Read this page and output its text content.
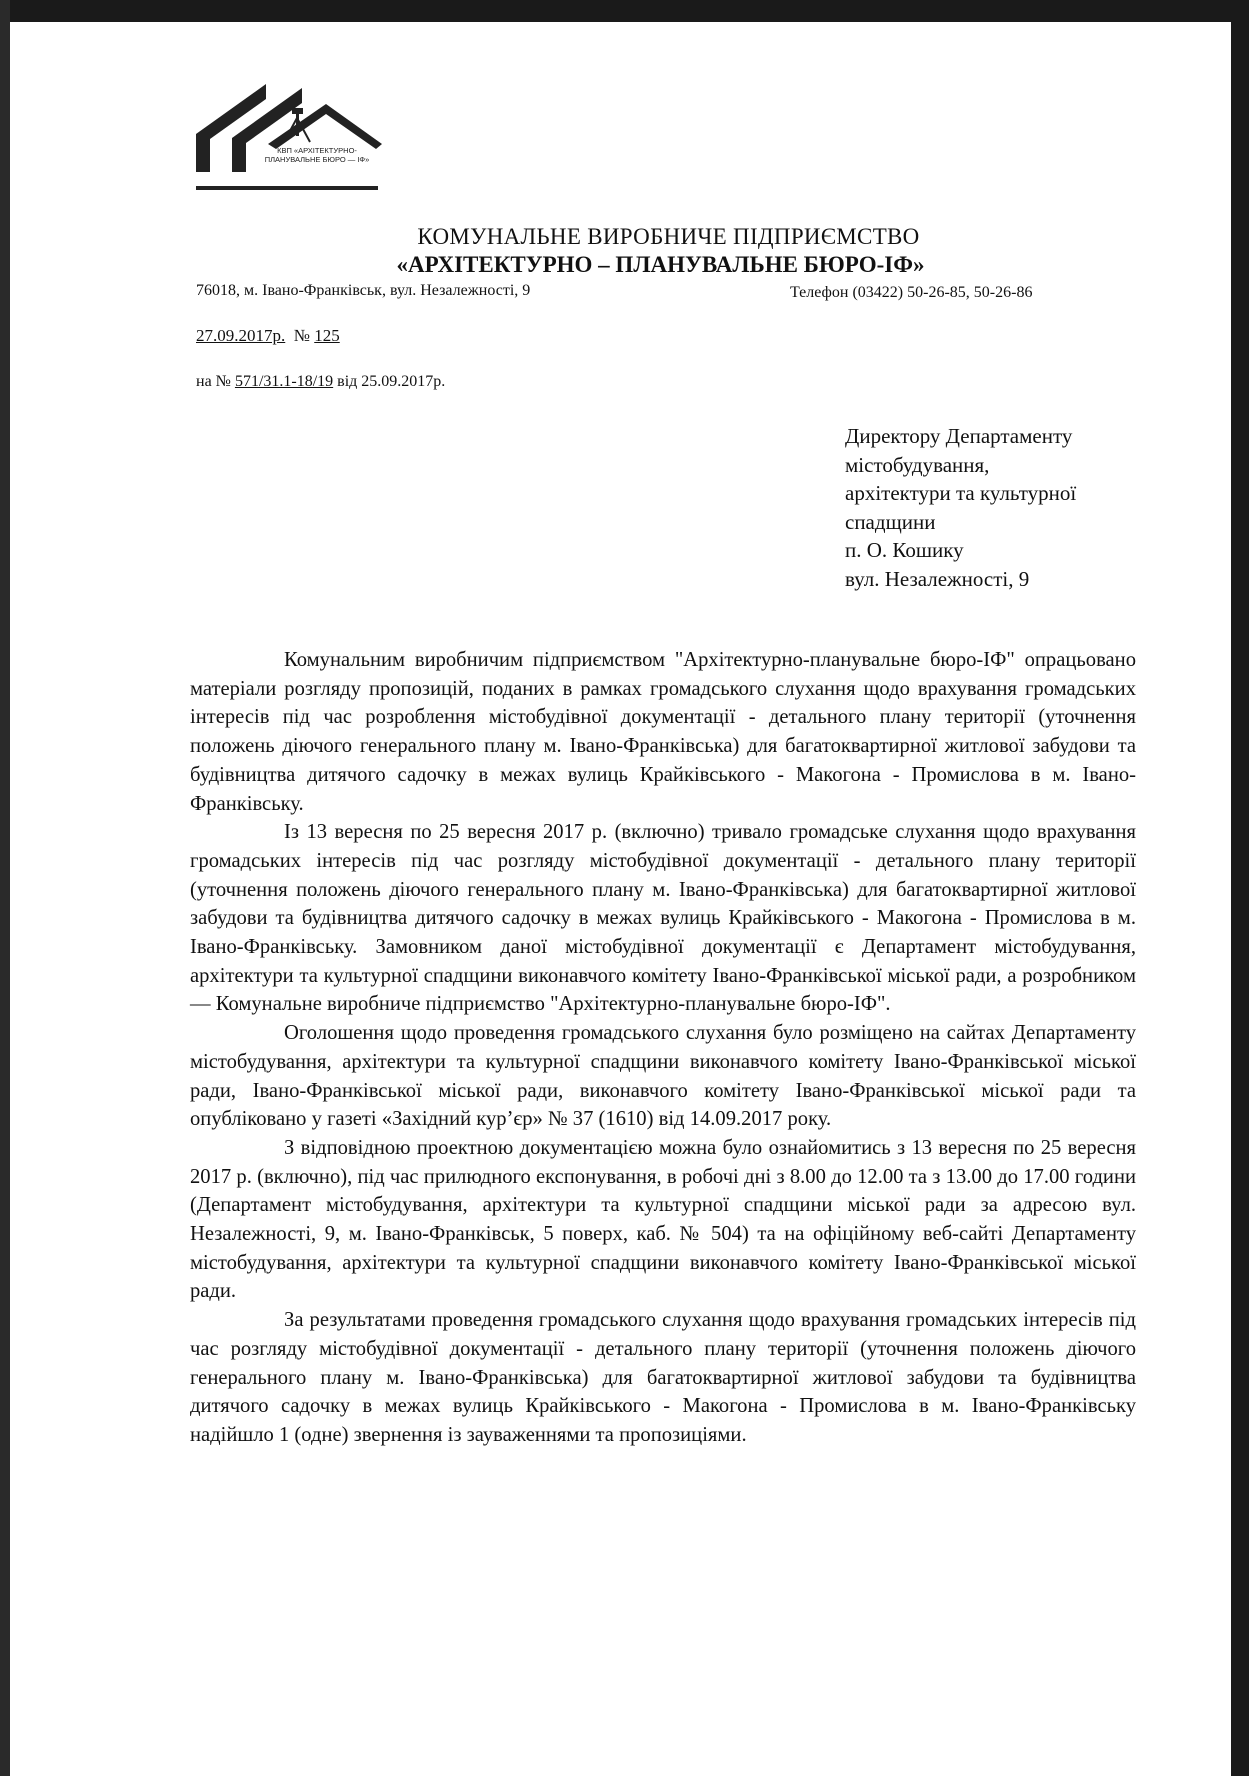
КВП «АРХІТЕКТУРНО-ПЛАНУВАЛЬНЕ БЮРО — ІФ»
КОМУНАЛЬНЕ ВИРОБНИЧЕ ПІДПРИЄМСТВО
«АРХІТЕКТУРНО – ПЛАНУВАЛЬНЕ БЮРО-ІФ»
76018, м. Івано-Франківськ, вул. Незалежності, 9	Телефон (03422) 50-26-85, 50-26-86
27.09.2017р. № 125
на № 571/31.1-18/19 від 25.09.2017р.
Директору Департаменту
містобудування,
архітектури та культурної
спадщини
п. О. Кошику
вул. Незалежності, 9

Комунальним виробничим підприємством "Архітектурно-планувальне бюро-ІФ" опрацьовано матеріали розгляду пропозицій, поданих в рамках громадського слухання щодо врахування громадських інтересів під час розроблення містобудівної документації - детального плану території (уточнення положень діючого генерального плану м. Івано-Франківська) для багатоквартирної житлової забудови та будівництва дитячого садочку в межах вулиць Крайківського - Макогона - Промислова в м. Івано-Франківську.

Із 13 вересня по 25 вересня 2017 р. (включно) тривало громадське слухання щодо врахування громадських інтересів під час розгляду містобудівної документації - детального плану території (уточнення положень діючого генерального плану м. Івано-Франківська) для багатоквартирної житлової забудови та будівництва дитячого садочку в межах вулиць Крайківського - Макогона - Промислова в м. Івано-Франківську. Замовником даної містобудівної документації є Департамент містобудування, архітектури та культурної спадщини виконавчого комітету Івано-Франківської міської ради, а розробником — Комунальне виробниче підприємство "Архітектурно-планувальне бюро-ІФ".

Оголошення щодо проведення громадського слухання було розміщено на сайтах Департаменту містобудування, архітектури та культурної спадщини виконавчого комітету Івано-Франківської міської ради, Івано-Франківської міської ради, виконавчого комітету Івано-Франківської міської ради та опубліковано у газеті «Західний кур’єр» № 37 (1610) від 14.09.2017 року.

З відповідною проектною документацією можна було ознайомитись з 13 вересня по 25 вересня 2017 р. (включно), під час прилюдного експонування, в робочі дні з 8.00 до 12.00 та з 13.00 до 17.00 години (Департамент містобудування, архітектури та культурної спадщини міської ради за адресою вул. Незалежності, 9, м. Івано-Франківськ, 5 поверх, каб. № 504) та на офіційному веб-сайті Департаменту містобудування, архітектури та культурної спадщини виконавчого комітету Івано-Франківської міської ради.

За результатами проведення громадського слухання щодо врахування громадських інтересів під час розгляду містобудівної документації - детального плану території (уточнення положень діючого генерального плану м. Івано-Франківська) для багатоквартирної житлової забудови та будівництва дитячого садочку в межах вулиць Крайківського - Макогона - Промислова в м. Івано-Франківську надійшло 1 (одне) звернення із зауваженнями та пропозиціями.
